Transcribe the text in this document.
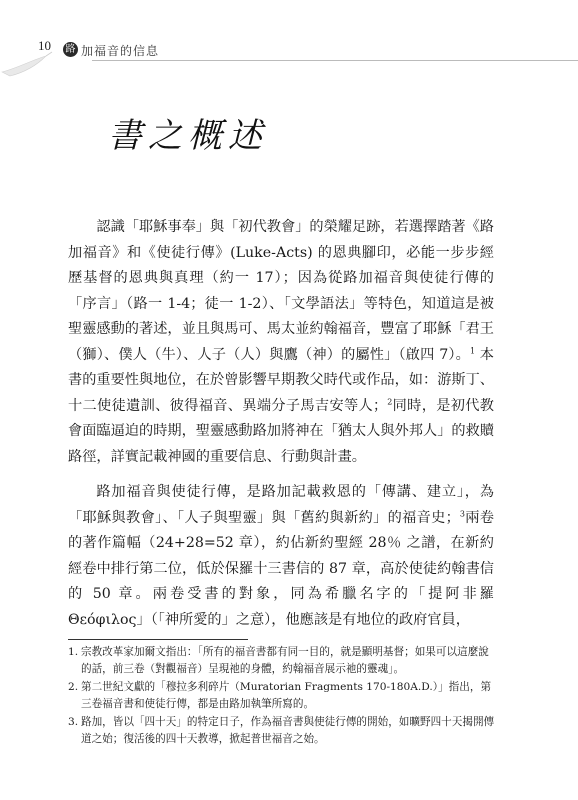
10 路 加福音的信息
書之概述

認識「耶穌事奉」與「初代教會」的榮耀足跡，若選擇踏著《路加福音》和《使徒行傳》(Luke-Acts) 的恩典腳印，必能一步步經歷基督的恩典與真理（約一 17）；因為從路加福音與使徒行傳的「序言」（路一 1-4；徒一 1-2）、「文學語法」等特色，知道這是被聖靈感動的著述，並且與馬可、馬太並約翰福音，豐富了耶穌「君王（獅）、僕人（牛）、人子（人）與鷹（神）的屬性」（啟四 7）。$^1$ 本書的重要性與地位，在於曾影響早期教父時代或作品，如：游斯丁、十二使徒遺訓、彼得福音、異端分子馬吉安等人；$^2$同時，是初代教會面臨逼迫的時期，聖靈感動路加將神在「猶太人與外邦人」的救贖路徑，詳實記載神國的重要信息、行動與計畫。

路加福音與使徒行傳，是路加記載救恩的「傳講、建立」，為「耶穌與教會」、「人子與聖靈」與「舊約與新約」的福音史；$^3$兩卷的著作篇幅（24+28=52 章），約佔新約聖經 28％ 之譜，在新約經卷中排行第二位，低於保羅十三書信的 87 章，高於使徒約翰書信的 50 章。兩卷受書的對象，同為希臘名字的「提阿非羅 Θεόφιλος」（「神所愛的」之意），他應該是有地位的政府官員，

1. 宗教改革家加爾文指出：「所有的福音書都有同一目的，就是顯明基督；如果可以這麼說的話，前三卷（對觀福音）呈現祂的身體，約翰福音展示祂的靈魂」。
2. 第二世紀文獻的「穆拉多利碎片（Muratorian Fragments 170-180A.D.）」指出，第三卷福音書和使徒行傳，都是由路加執筆所寫的。
3. 路加，皆以「四十天」的特定日子，作為福音書與使徒行傳的開始，如曠野四十天揭開傳道之始；復活後的四十天教導，掀起普世福音之始。
